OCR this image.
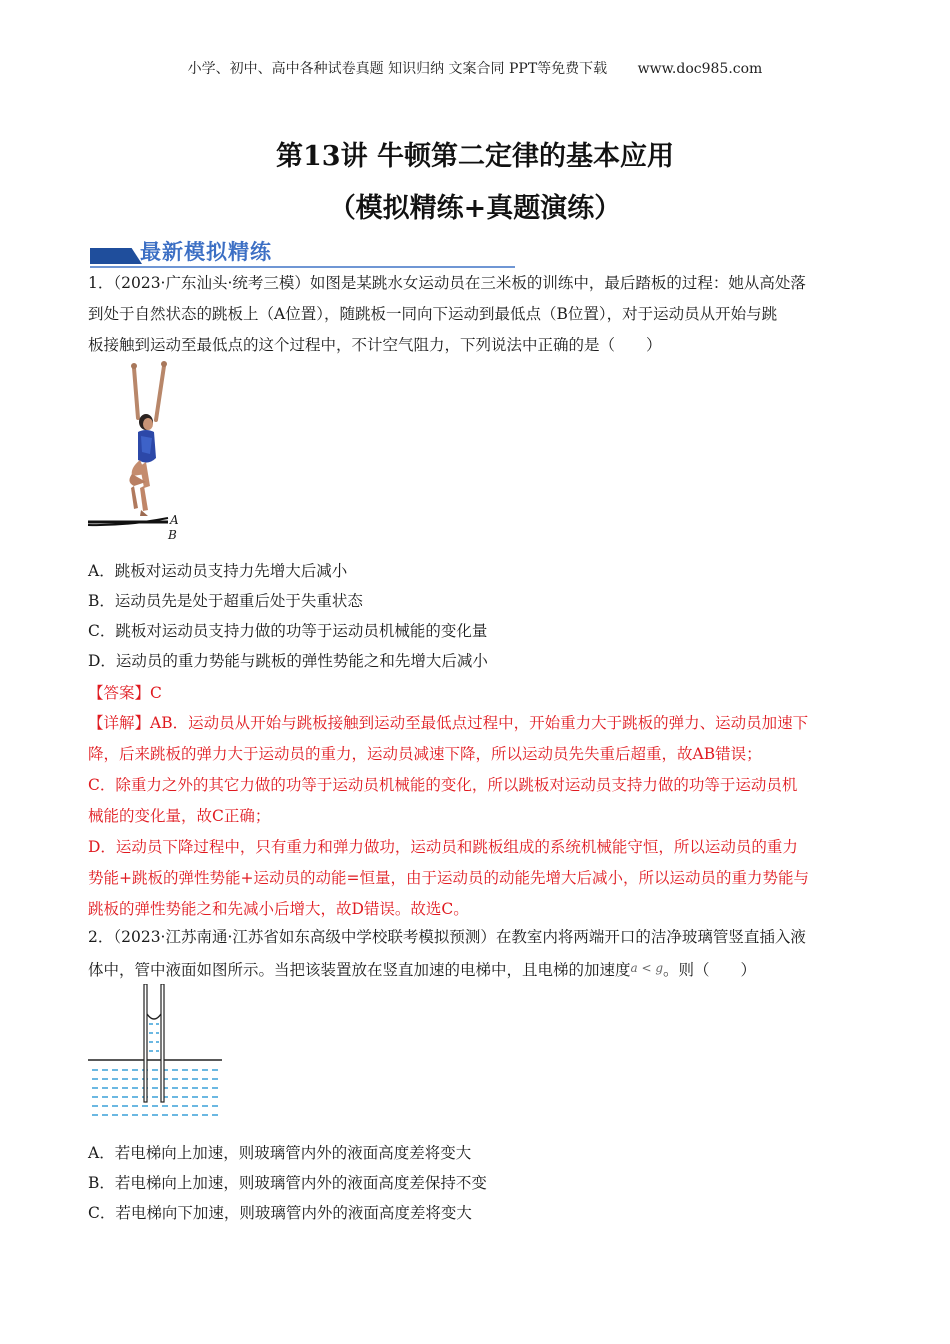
小学、初中、高中各种试卷真题 知识归纳 文案合同 PPT等免费下载 www.doc985.com
第13讲 牛顿第二定律的基本应用
（模拟精练+真题演练）
最新模拟精练
1．（2023·广东汕头·统考三模）如图是某跳水女运动员在三米板的训练中，最后踏板的过程：她从高处落
到处于自然状态的跳板上（A位置），随跳板一同向下运动到最低点（B位置），对于运动员从开始与跳
板接触到运动至最低点的这个过程中，不计空气阻力，下列说法中正确的是（　　）
A
B
A．跳板对运动员支持力先增大后减小
B．运动员先是处于超重后处于失重状态
C．跳板对运动员支持力做的功等于运动员机械能的变化量
D．运动员的重力势能与跳板的弹性势能之和先增大后减小
【答案】C
【详解】AB．运动员从开始与跳板接触到运动至最低点过程中，开始重力大于跳板的弹力、运动员加速下
降，后来跳板的弹力大于运动员的重力，运动员减速下降，所以运动员先失重后超重，故AB错误；
C．除重力之外的其它力做的功等于运动员机械能的变化，所以跳板对运动员支持力做的功等于运动员机
械能的变化量，故C正确；
D．运动员下降过程中，只有重力和弹力做功，运动员和跳板组成的系统机械能守恒，所以运动员的重力
势能+跳板的弹性势能+运动员的动能=恒量，由于运动员的动能先增大后减小，所以运动员的重力势能与
跳板的弹性势能之和先减小后增大，故D错误。故选C。
2．（2023·江苏南通·江苏省如东高级中学校联考模拟预测）在教室内将两端开口的洁净玻璃管竖直插入液
体中，管中液面如图所示。当把该装置放在竖直加速的电梯中，且电梯的加速度a < g。则（　　）
A．若电梯向上加速，则玻璃管内外的液面高度差将变大
B．若电梯向上加速，则玻璃管内外的液面高度差保持不变
C．若电梯向下加速，则玻璃管内外的液面高度差将变大
